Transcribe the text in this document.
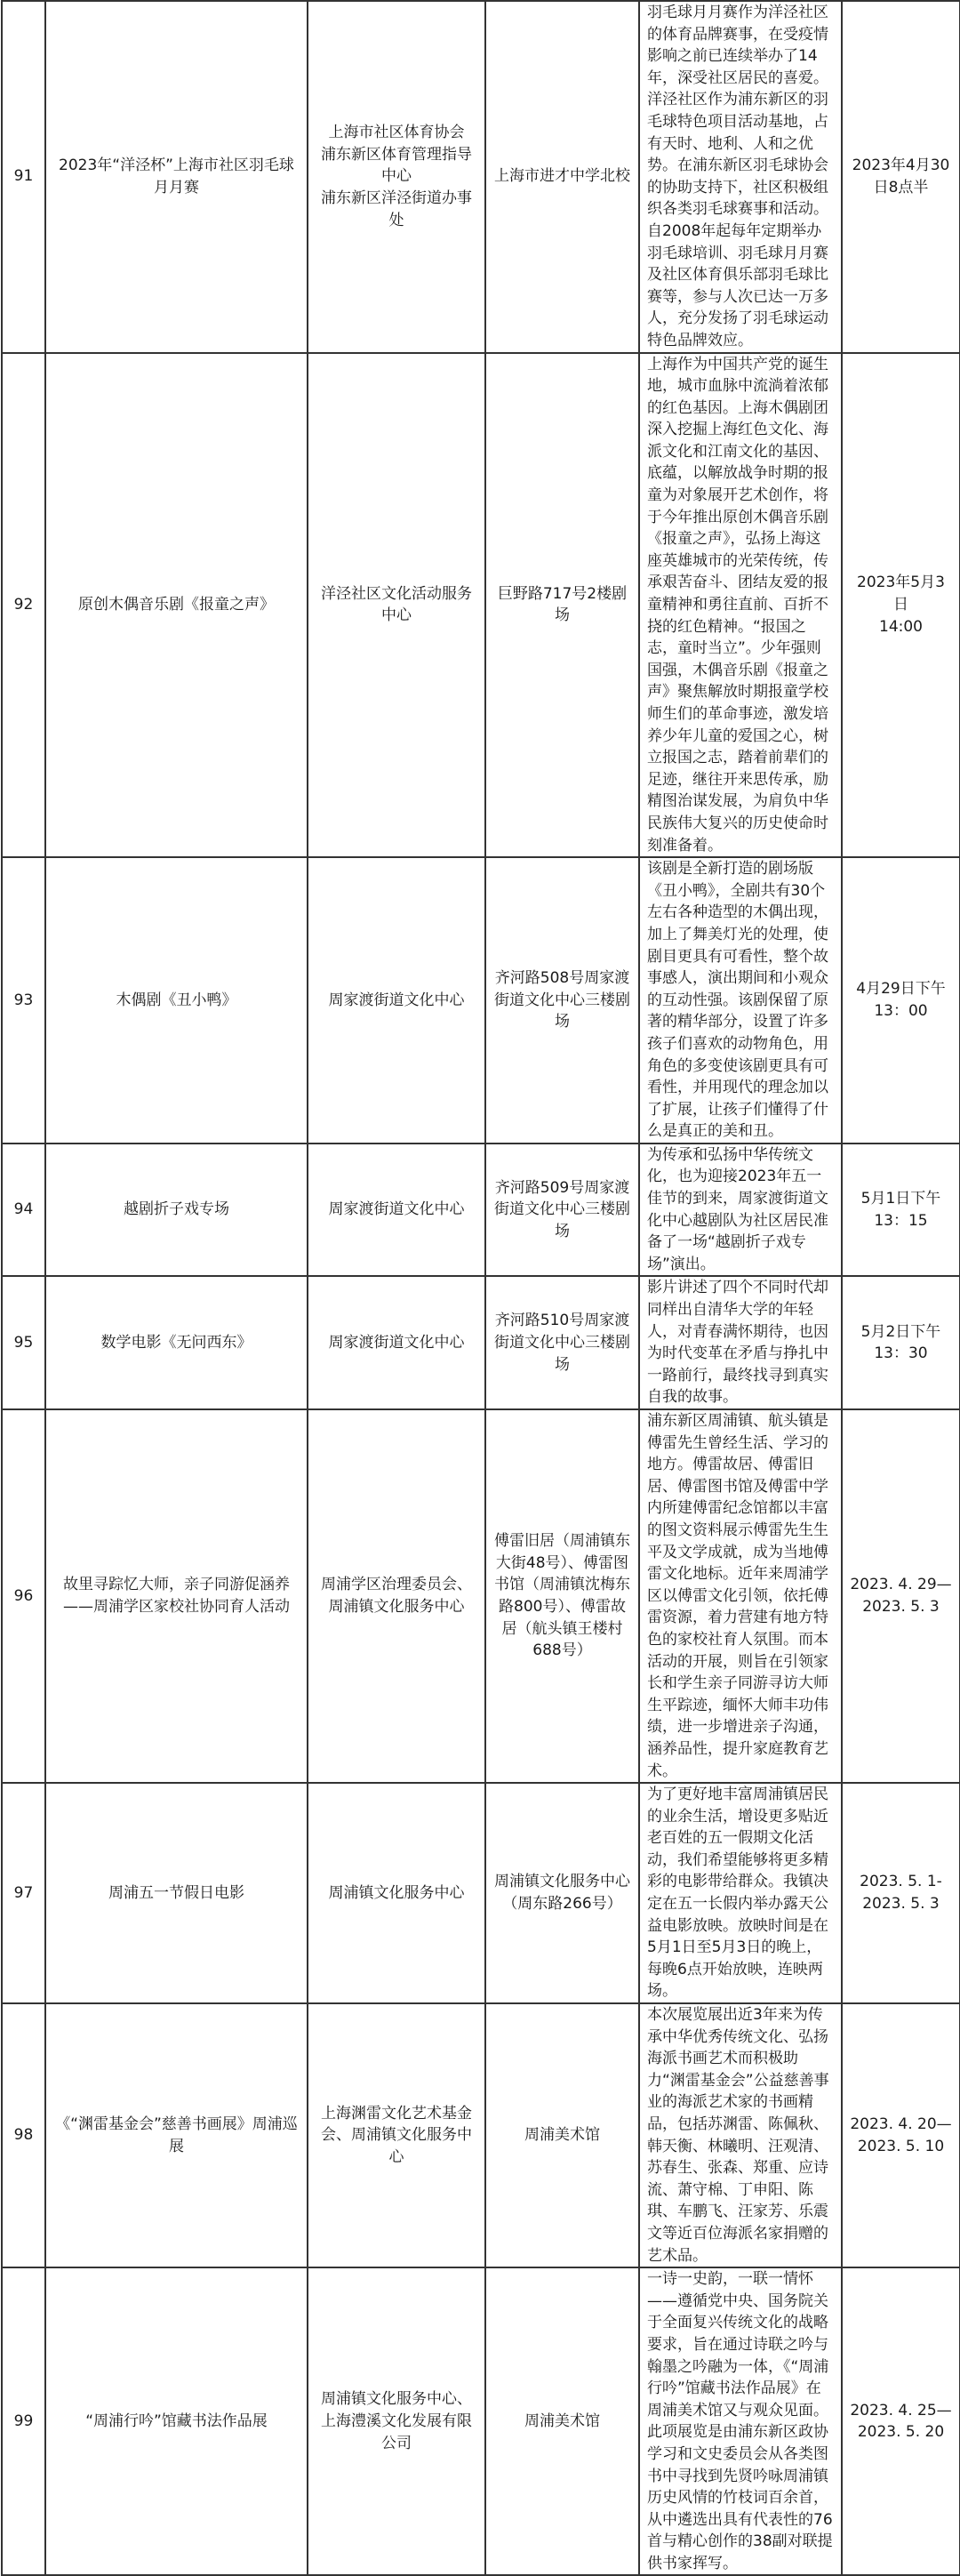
91	2023年“洋泾杯”上海市社区羽毛球月月赛	上海市社区体育协会
浦东新区体育管理指导中心
浦东新区洋泾街道办事处	上海市进才中学北校	羽毛球月月赛作为洋泾社区的体育品牌赛事，在受疫情影响之前已连续举办了14年，深受社区居民的喜爱。洋泾社区作为浦东新区的羽毛球特色项目活动基地，占有天时、地利、人和之优势。在浦东新区羽毛球协会的协助支持下，社区积极组织各类羽毛球赛事和活动。自2008年起每年定期举办羽毛球培训、羽毛球月月赛及社区体育俱乐部羽毛球比赛等，参与人次已达一万多人，充分发扬了羽毛球运动特色品牌效应。	2023年4月30日8点半
92	原创木偶音乐剧《报童之声》	洋泾社区文化活动服务中心	巨野路717号2楼剧场	上海作为中国共产党的诞生地，城市血脉中流淌着浓郁的红色基因。上海木偶剧团深入挖掘上海红色文化、海派文化和江南文化的基因、底蕴，以解放战争时期的报童为对象展开艺术创作，将于今年推出原创木偶音乐剧《报童之声》，弘扬上海这座英雄城市的光荣传统，传承艰苦奋斗、团结友爱的报童精神和勇往直前、百折不挠的红色精神。“报国之志，童时当立”。少年强则国强，木偶音乐剧《报童之声》聚焦解放时期报童学校师生们的革命事迹，激发培养少年儿童的爱国之心，树立报国之志，踏着前辈们的足迹，继往开来思传承，励精图治谋发展，为肩负中华民族伟大复兴的历史使命时刻准备着。	2023年5月3日
14:00
93	木偶剧《丑小鸭》	周家渡街道文化中心	齐河路508号周家渡街道文化中心三楼剧场	该剧是全新打造的剧场版《丑小鸭》，全剧共有30个左右各种造型的木偶出现，加上了舞美灯光的处理，使剧目更具有可看性，整个故事感人，演出期间和小观众的互动性强。该剧保留了原著的精华部分，设置了许多孩子们喜欢的动物角色，用角色的多变使该剧更具有可看性，并用现代的理念加以了扩展，让孩子们懂得了什么是真正的美和丑。	4月29日下午13：00
94	越剧折子戏专场	周家渡街道文化中心	齐河路509号周家渡街道文化中心三楼剧场	为传承和弘扬中华传统文化，也为迎接2023年五一佳节的到来，周家渡街道文化中心越剧队为社区居民准备了一场“越剧折子戏专场”演出。	5月1日下午13：15
95	数学电影《无问西东》	周家渡街道文化中心	齐河路510号周家渡街道文化中心三楼剧场	影片讲述了四个不同时代却同样出自清华大学的年轻人，对青春满怀期待，也因为时代变革在矛盾与挣扎中一路前行，最终找寻到真实自我的故事。	5月2日下午13：30
96	故里寻踪忆大师，亲子同游促涵养——周浦学区家校社协同育人活动	周浦学区治理委员会、周浦镇文化服务中心	傅雷旧居（周浦镇东大街48号）、傅雷图书馆（周浦镇沈梅东路800号）、傅雷故居（航头镇王楼村688号）	浦东新区周浦镇、航头镇是傅雷先生曾经生活、学习的地方。傅雷故居、傅雷旧居、傅雷图书馆及傅雷中学内所建傅雷纪念馆都以丰富的图文资料展示傅雷先生生平及文学成就，成为当地傅雷文化地标。近年来周浦学区以傅雷文化引领，依托傅雷资源，着力营建有地方特色的家校社育人氛围。而本活动的开展，则旨在引领家长和学生亲子同游寻访大师生平踪迹，缅怀大师丰功伟绩，进一步增进亲子沟通，涵养品性，提升家庭教育艺术。	2023. 4. 29—
2023. 5. 3
97	周浦五一节假日电影	周浦镇文化服务中心	周浦镇文化服务中心
（周东路266号）	为了更好地丰富周浦镇居民的业余生活，增设更多贴近老百姓的五一假期文化活动，我们希望能够将更多精彩的电影带给群众。我镇决定在五一长假内举办露天公益电影放映。放映时间是在5月1日至5月3日的晚上，每晚6点开始放映，连映两场。	2023. 5. 1-
2023. 5. 3
98	《“渊雷基金会”慈善书画展》周浦巡展	上海渊雷文化艺术基金会、周浦镇文化服务中心	周浦美术馆	本次展览展出近3年来为传承中华优秀传统文化、弘扬海派书画艺术而积极助力“渊雷基金会”公益慈善事业的海派艺术家的书画精品，包括苏渊雷、陈佩秋、韩天衡、林曦明、汪观清、苏春生、张森、郑重、应诗流、萧守棉、丁申阳、陈琪、车鹏飞、汪家芳、乐震文等近百位海派名家捐赠的艺术品。	2023. 4. 20—
2023. 5. 10
99	“周浦行吟”馆藏书法作品展	周浦镇文化服务中心、上海澧溪文化发展有限公司	周浦美术馆	一诗一史韵，一联一情怀——遵循党中央、国务院关于全面复兴传统文化的战略要求，旨在通过诗联之吟与翰墨之吟融为一体，《“周浦行吟”馆藏书法作品展》在周浦美术馆又与观众见面。此项展览是由浦东新区政协学习和文史委员会从各类图书中寻找到先贤吟咏周浦镇历史风情的竹枝词百余首，从中遴选出具有代表性的76首与精心创作的38副对联提供书家挥写。	2023. 4. 25—
2023. 5. 20
